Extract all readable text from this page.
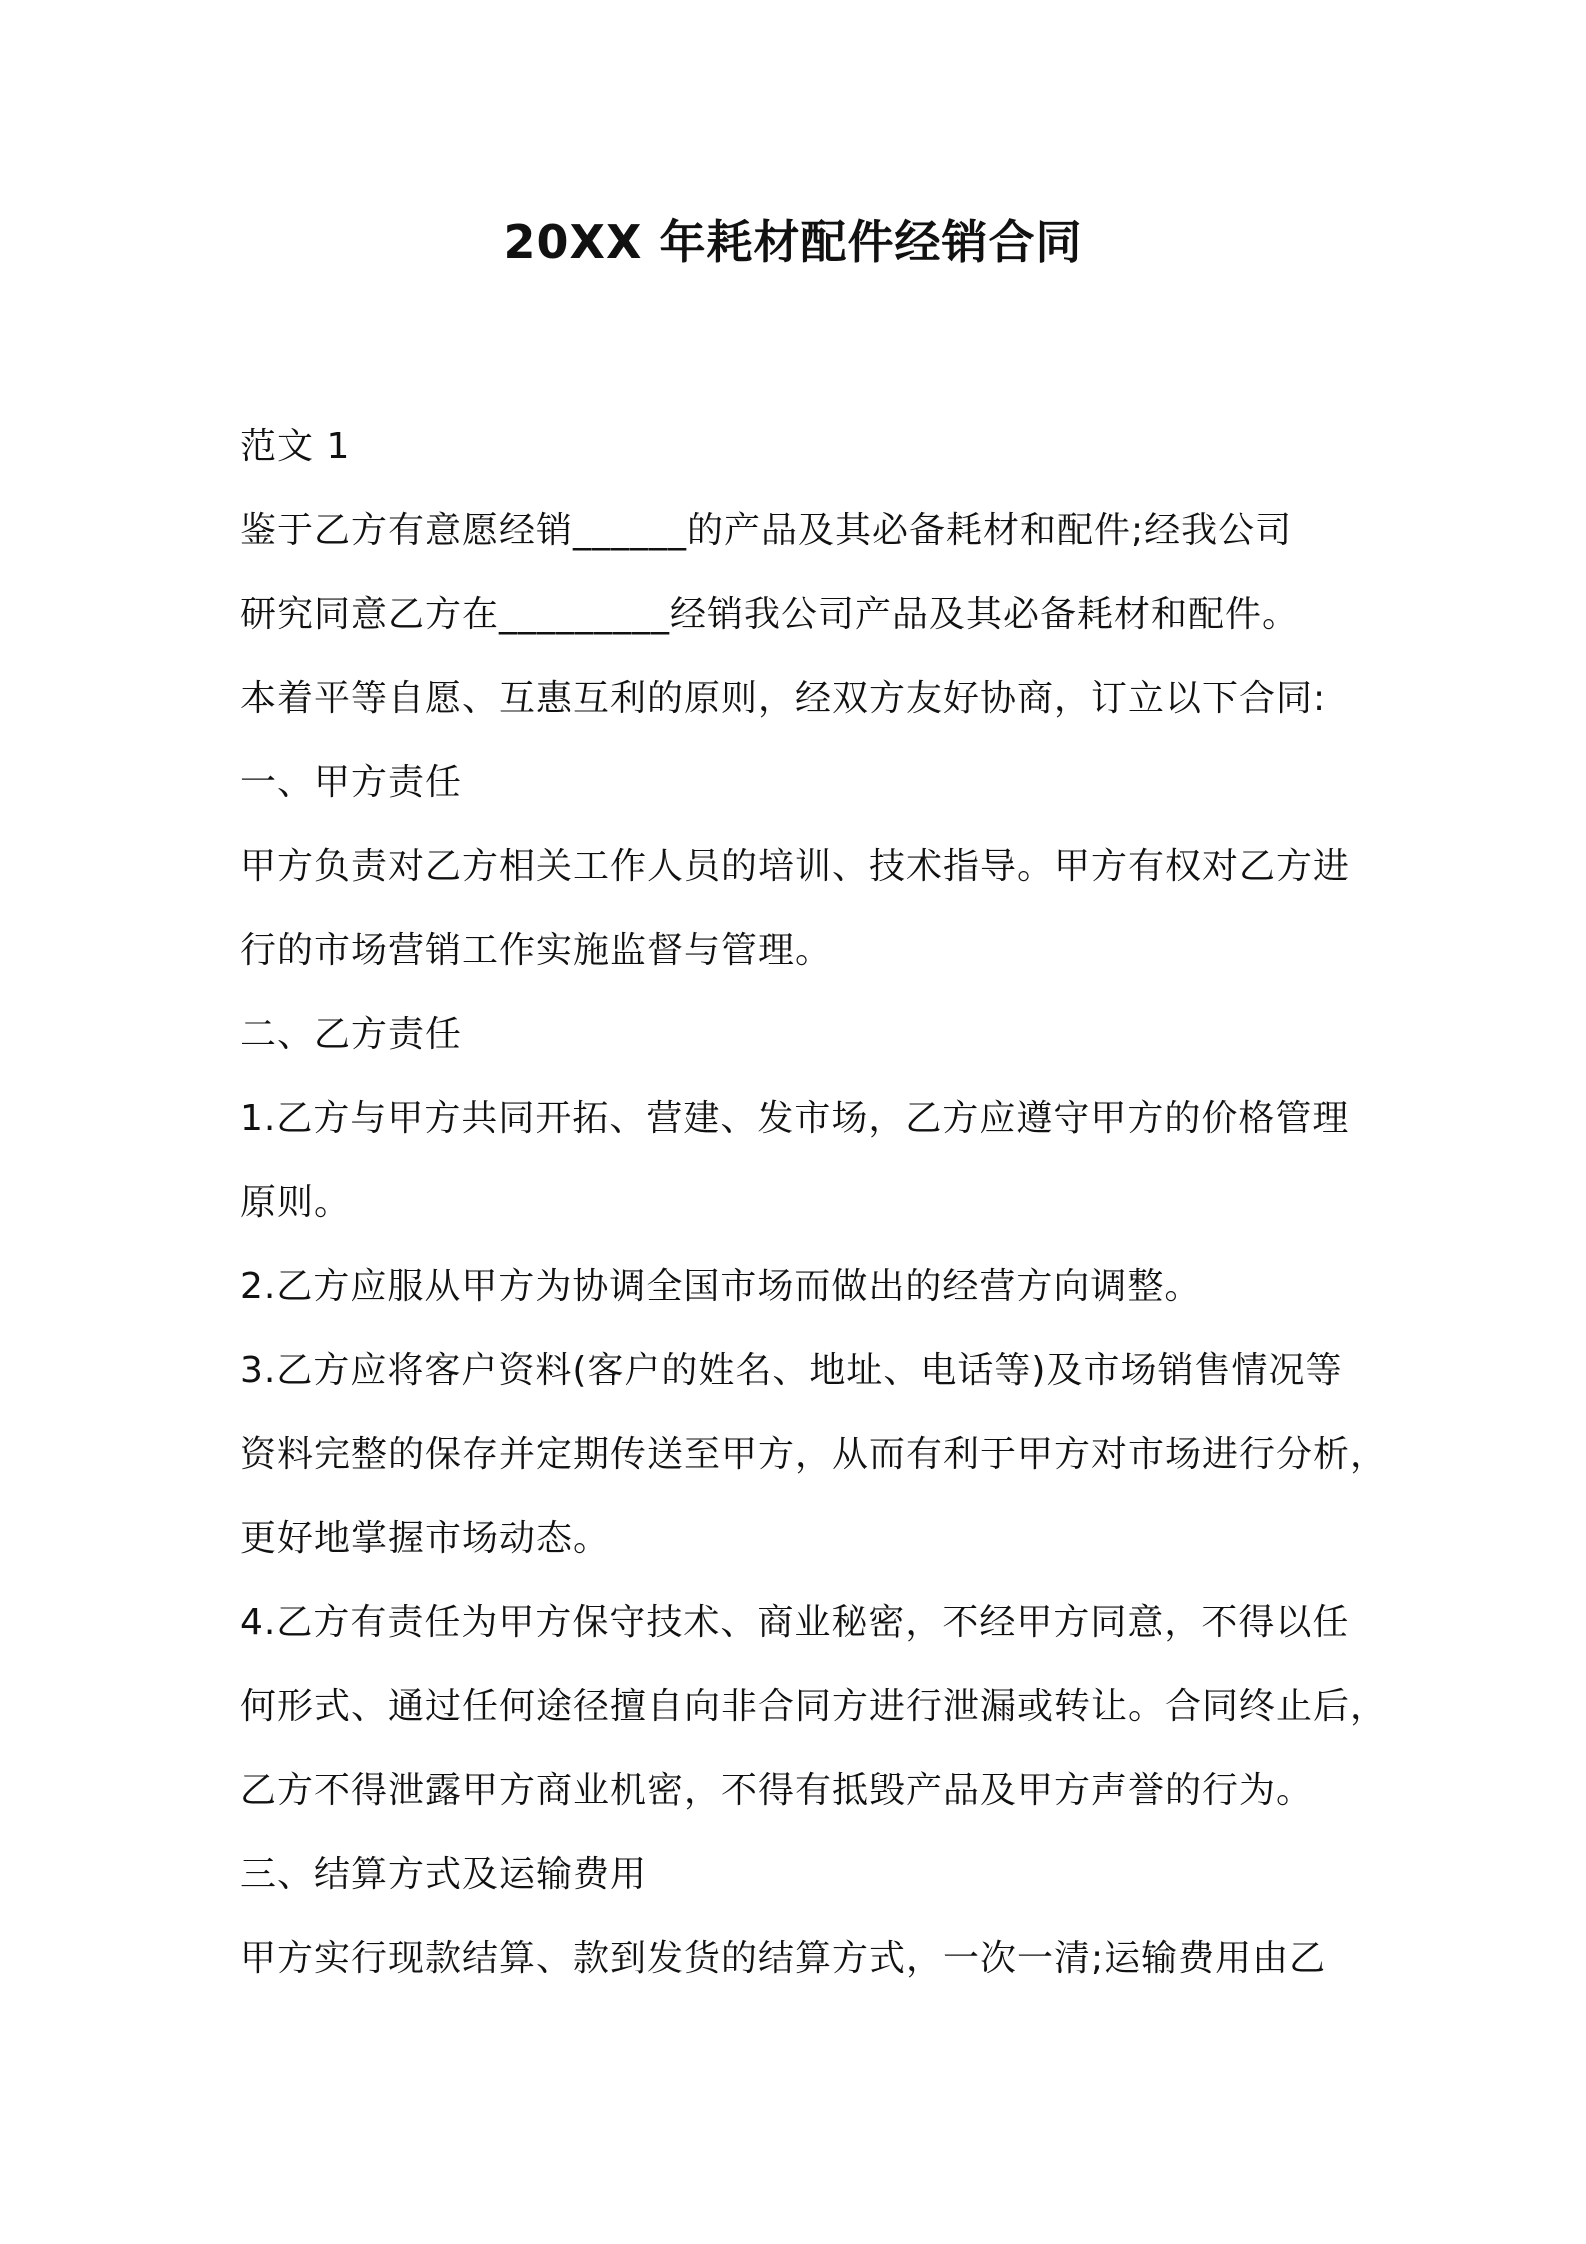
20XX 年耗材配件经销合同
范文 1
鉴于乙方有意愿经销______的产品及其必备耗材和配件;经我公司
研究同意乙方在_________经销我公司产品及其必备耗材和配件。
本着平等自愿、互惠互利的原则，经双方友好协商，订立以下合同:
一、甲方责任
甲方负责对乙方相关工作人员的培训、技术指导。甲方有权对乙方进
行的市场营销工作实施监督与管理。
二、乙方责任
1.乙方与甲方共同开拓、营建、发市场，乙方应遵守甲方的价格管理
原则。
2.乙方应服从甲方为协调全国市场而做出的经营方向调整。
3.乙方应将客户资料(客户的姓名、地址、电话等)及市场销售情况等
资料完整的保存并定期传送至甲方，从而有利于甲方对市场进行分析，
更好地掌握市场动态。
4.乙方有责任为甲方保守技术、商业秘密，不经甲方同意，不得以任
何形式、通过任何途径擅自向非合同方进行泄漏或转让。合同终止后，
乙方不得泄露甲方商业机密，不得有抵毁产品及甲方声誉的行为。
三、结算方式及运输费用
甲方实行现款结算、款到发货的结算方式，一次一清;运输费用由乙
